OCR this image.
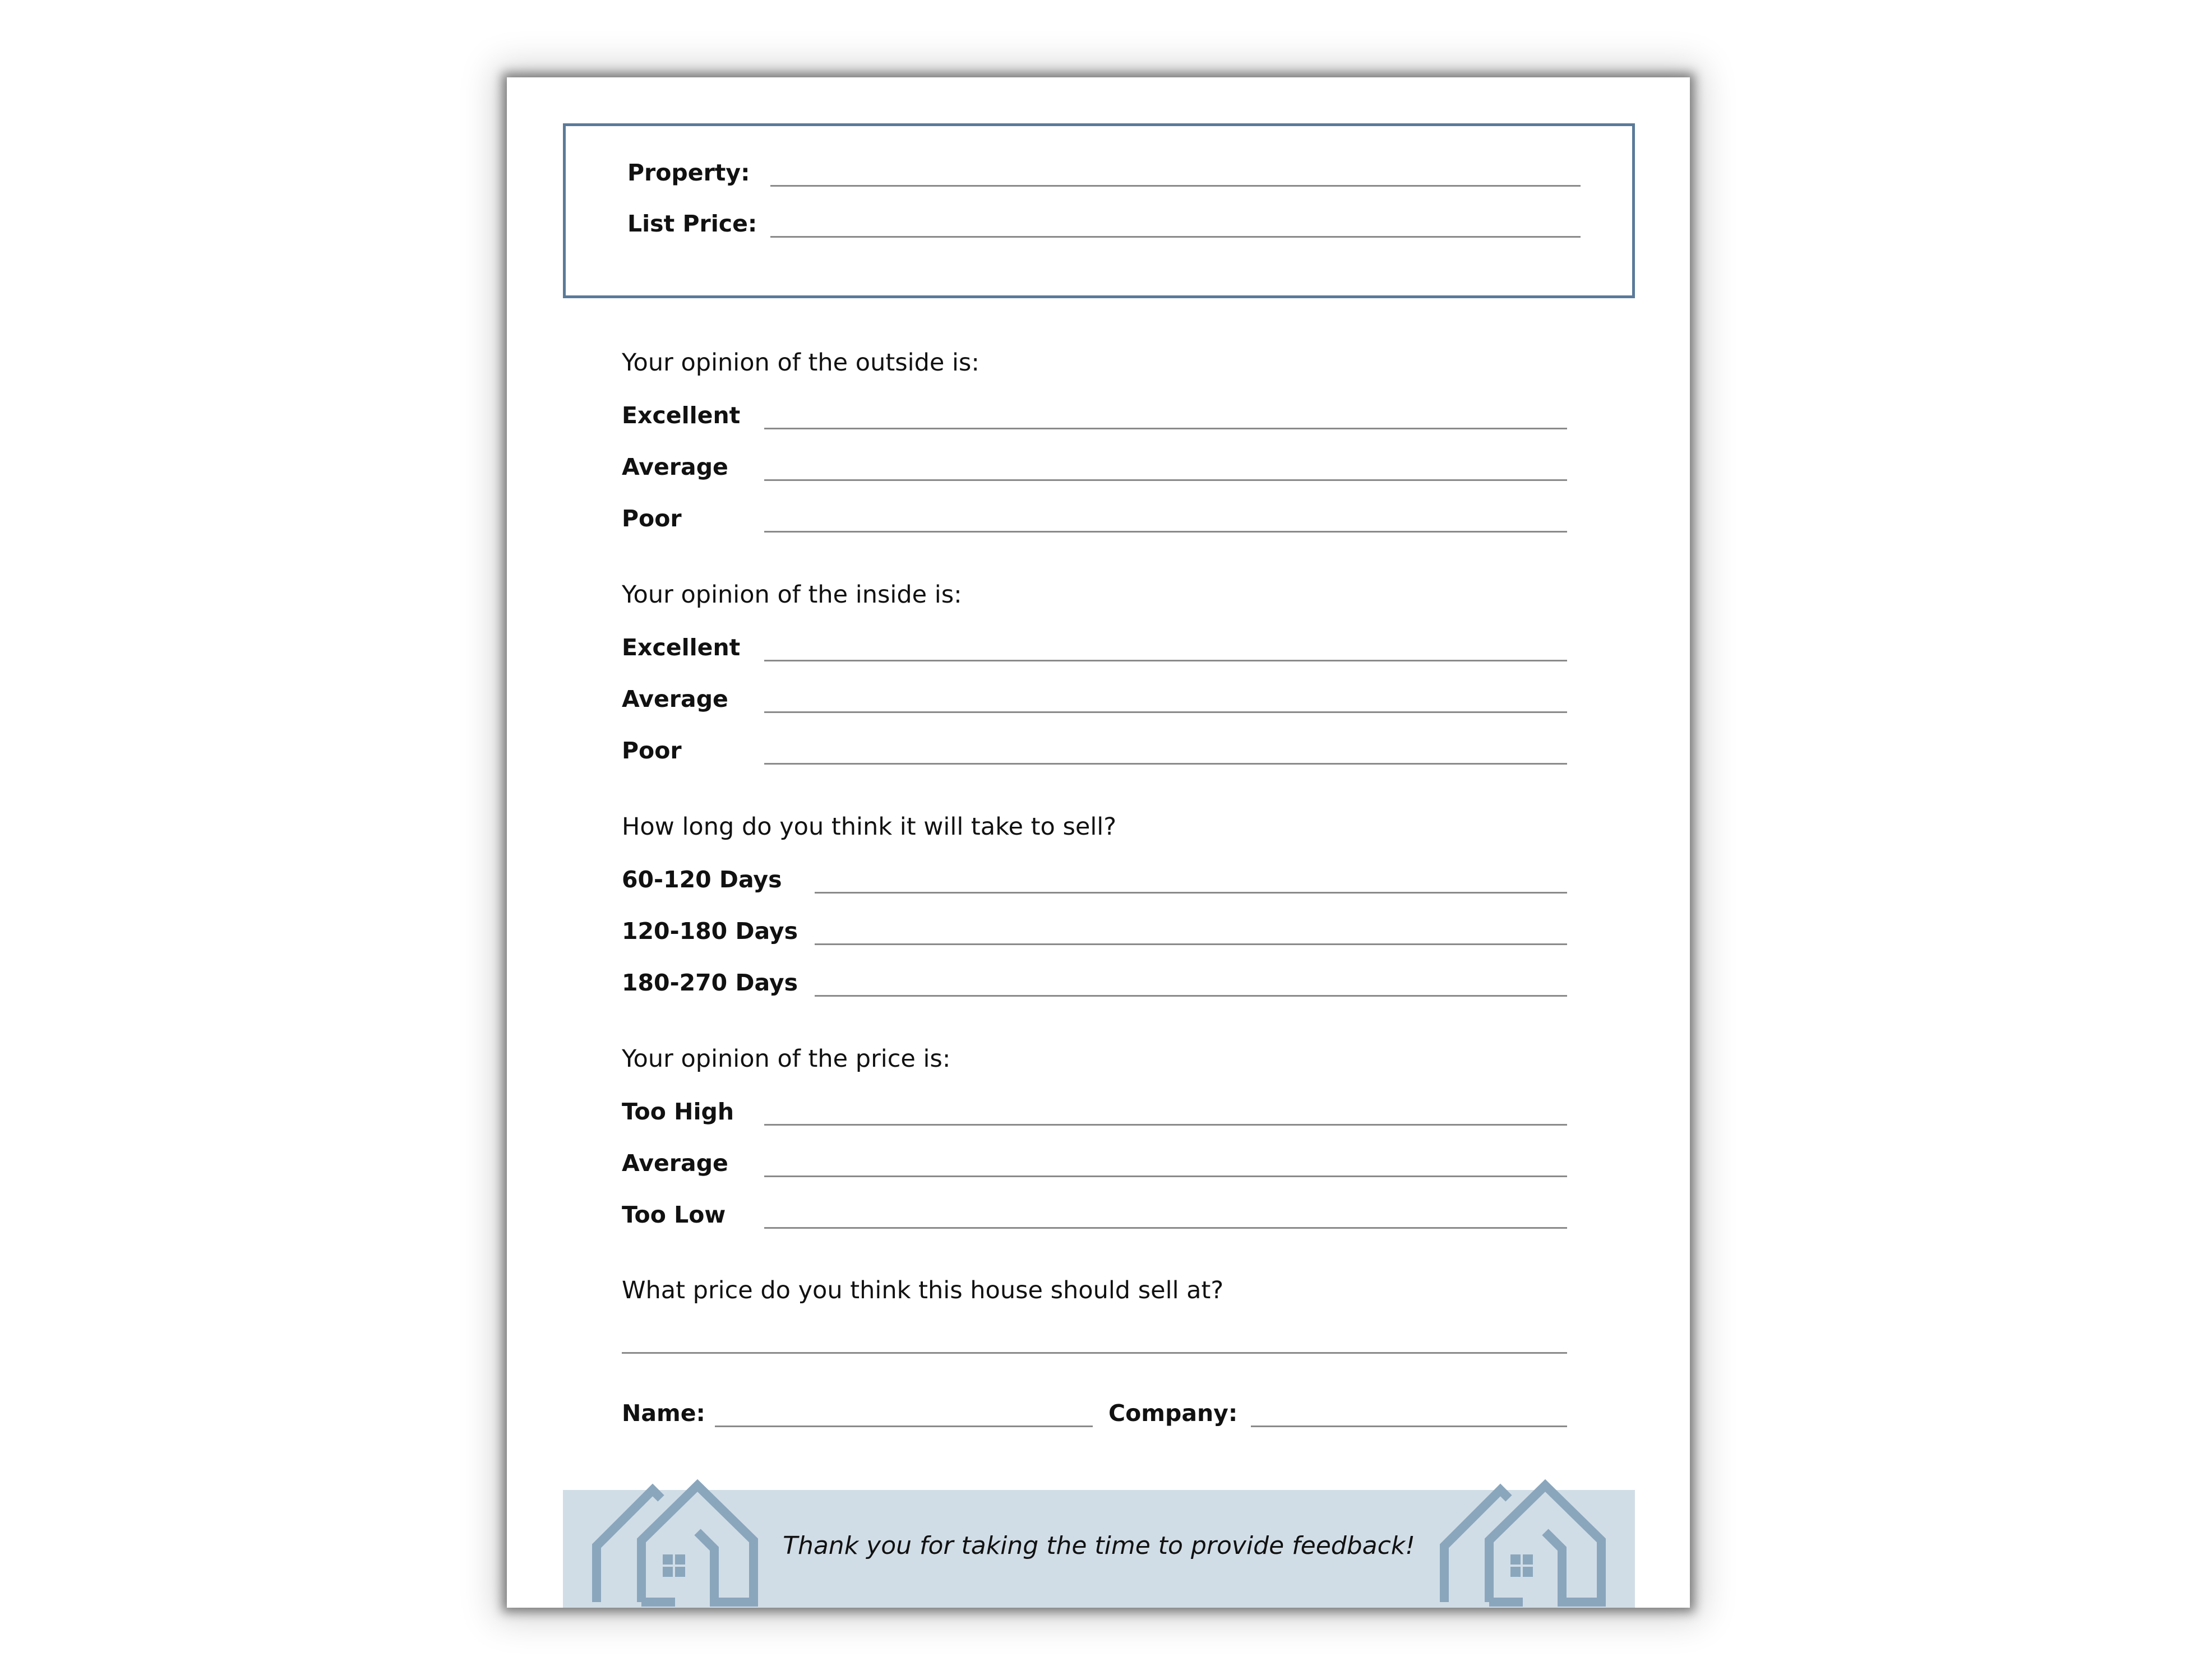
Property:
List Price:
Your opinion of the outside is:
Excellent
Average
Poor
Your opinion of the inside is:
Excellent
Average
Poor
How long do you think it will take to sell?
60-120 Days
120-180 Days
180-270 Days
Your opinion of the price is:
Too High
Average
Too Low
What price do you think this house should sell at?
Name:	Company:
Thank you for taking the time to provide feedback!
